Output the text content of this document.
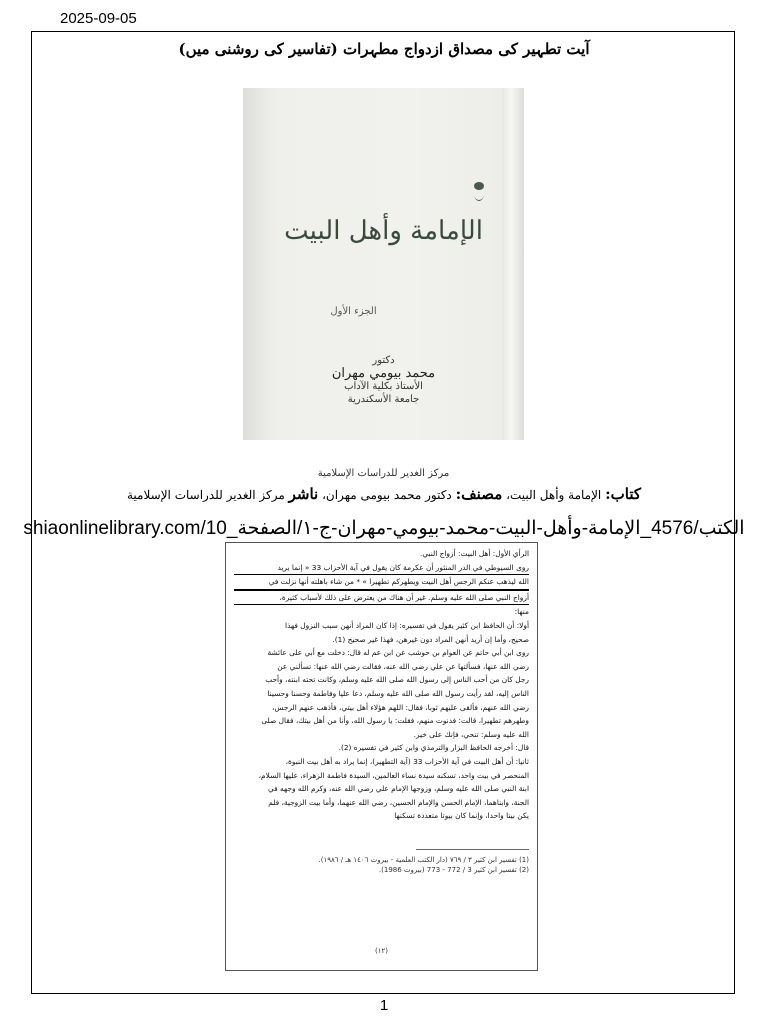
2025-09-05
آیت تطہیر کی مصداق ازدواج مطہرات (تفاسیر کی روشنی میں)
الإمامة وأهل البيت
الجزء الأول
دكتور
محمد بيومي مهران
الأستاذ بكلية الآداب
جامعة الأسكندرية
مركز الغدير للدراسات الإسلامية
کتاب: الإمامة وأهل البيت، مصنف: دکتور محمد بیومی مهران، ناشر مرکز الغدیر للدراسات الإسلامية
shiaonlinelibrary.com/الكتب/4576_الإمامة-وأهل-البيت-محمد-بيومي-مهران-ج-١/الصفحة_10

الرأي الأول: أهل البيت: أزواج النبي.

روى السيوطي في الدر المنثور أن عكرمة كان يقول في آية الأحزاب 33 « إنما يريد

الله ليذهب عنكم الرجس أهل البيت ويطهركم تطهيرا » * من شاء باهلته أنها نزلت في

أزواج النبي صلى الله عليه وسلم. غير أن هناك من يعترض على ذلك لأسباب كثيرة،

منها:

أولا: أن الحافظ ابن كثير يقول في تفسيره: إذا كان المراد أنهن سبب النزول فهذا

صحيح، وأما إن أريد أنهن المراد دون غيرهن، فهذا غير صحيح (1).

روى ابن أبي حاتم عن العوام بن حوشب عن ابن عم له قال: دخلت مع أبي على عائشة

رضي الله عنها، فسألتها عن علي رضي الله عنه، فقالت رضي الله عنها: تسألني عن

رجل كان من أحب الناس إلى رسول الله صلى الله عليه وسلم، وكانت تحته ابنته، وأحب

الناس إليه، لقد رأيت رسول الله صلى الله عليه وسلم، دعا عليا وفاطمة وحسنا وحسينا

رضي الله عنهم، فألقى عليهم ثوبا، فقال: اللهم هؤلاء أهل بيتي، فأذهب عنهم الرجس،

وطهرهم تطهيرا، قالت: فدنوت منهم، فقلت: يا رسول الله، وأنا من أهل بيتك، فقال صلى

الله عليه وسلم: تنحي، فإنك على خير.

قال: أخرجه الحافظ البزار والترمذي وابن كثير في تفسيره (2).

ثانيا: أن أهل البيت في آية الأحزاب 33 (آية التطهير)، إنما يراد به أهل بيت النبوة،

المنحصر في بيت واحد، تسكنه سيدة نساء العالمين، السيدة فاطمة الزهراء، عليها السلام،

ابنة النبي صلى الله عليه وسلم، وزوجها الإمام علي رضي الله عنه، وكرم الله وجهه في

الجنة، وابناهما، الإمام الحسن والإمام الحسين، رضي الله عنهما، وأما بيت الزوجية، فلم

يكن بيتا واحدا، وإنما كان بيوتا متعددة تسكنها

(1) تفسير ابن كثير ٣ / ٧٦٩ (دار الكتب العلمية - بيروت ١٤٠٦ هـ / ١٩٨٦).
(2) تفسير ابن كثير 3 / 772 - 773 (بيروت 1986).
(١٢)
1
